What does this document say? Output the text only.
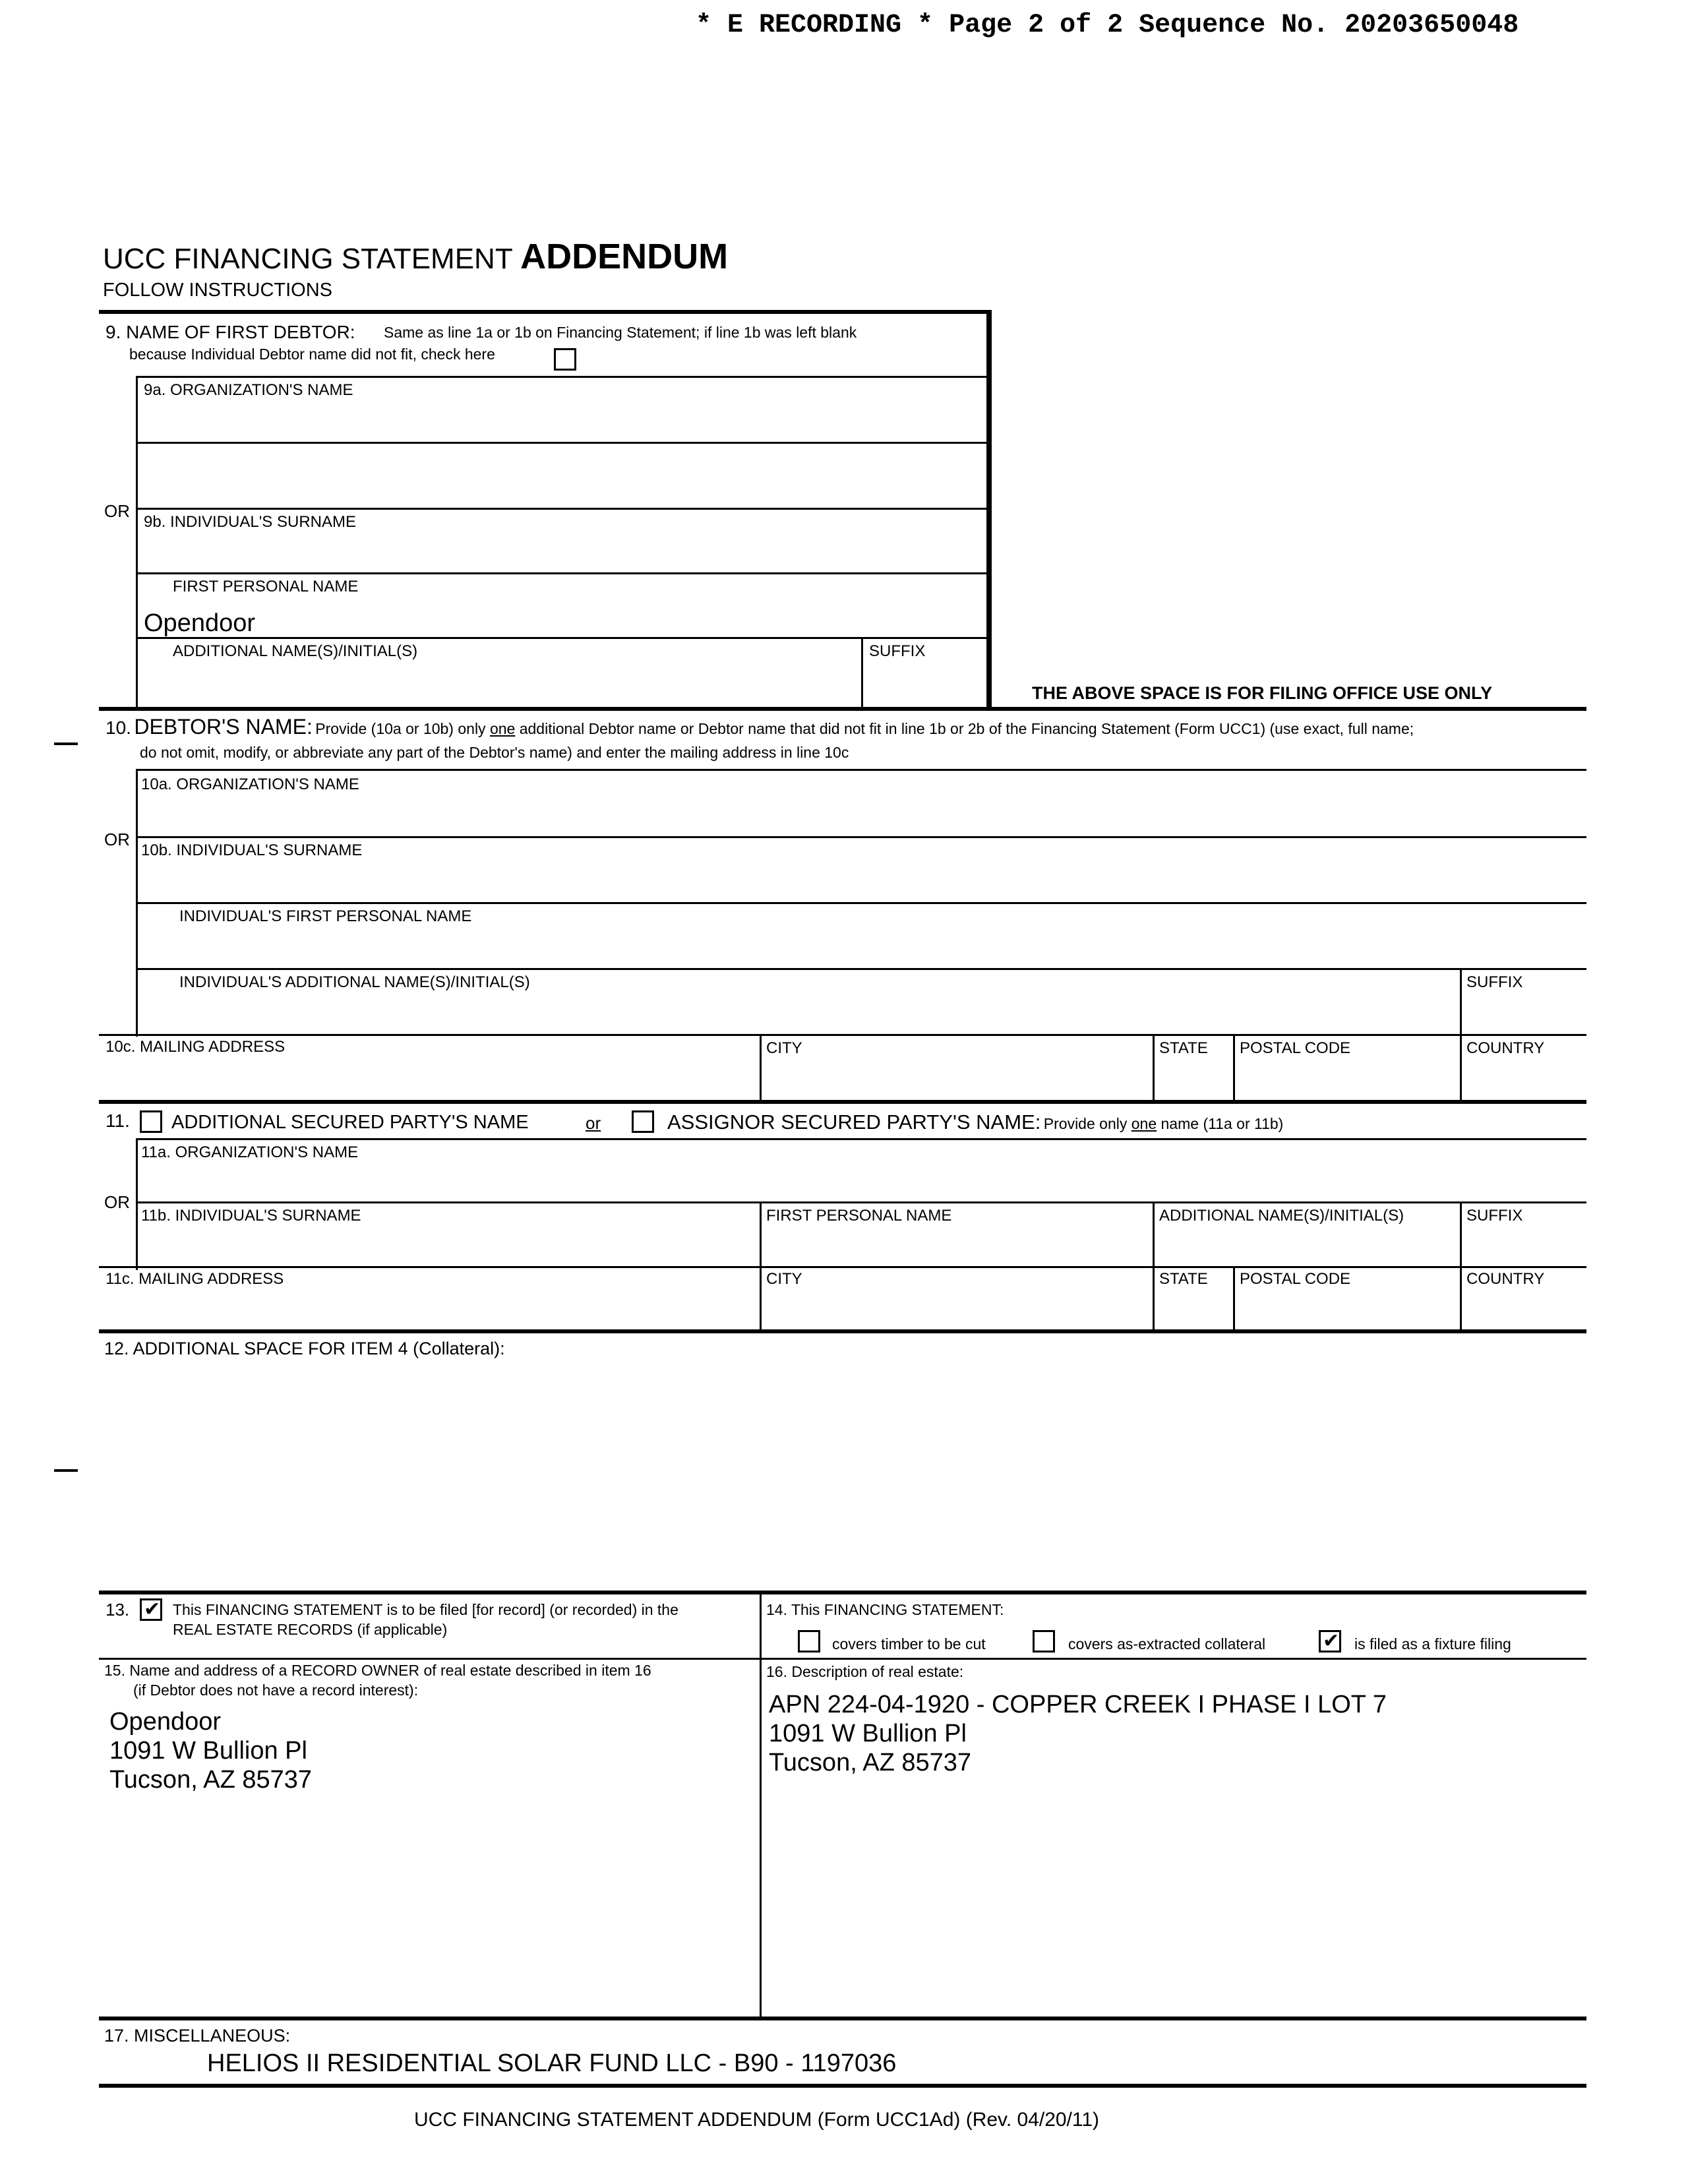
* E RECORDING * Page 2 of 2 Sequence No. 20203650048
UCC FINANCING STATEMENT ADDENDUM
FOLLOW INSTRUCTIONS
9. NAME OF FIRST DEBTOR: Same as line 1a or 1b on Financing Statement; if line 1b was left blank
because Individual Debtor name did not fit, check here
9a. ORGANIZATION'S NAME
OR
9b. INDIVIDUAL'S SURNAME
FIRST PERSONAL NAME
Opendoor
ADDITIONAL NAME(S)/INITIAL(S)	SUFFIX
THE ABOVE SPACE IS FOR FILING OFFICE USE ONLY
10. DEBTOR'S NAME: Provide (10a or 10b) only one additional Debtor name or Debtor name that did not fit in line 1b or 2b of the Financing Statement (Form UCC1) (use exact, full name;
do not omit, modify, or abbreviate any part of the Debtor's name) and enter the mailing address in line 10c
10a. ORGANIZATION'S NAME
OR
10b. INDIVIDUAL'S SURNAME
INDIVIDUAL'S FIRST PERSONAL NAME
INDIVIDUAL'S ADDITIONAL NAME(S)/INITIAL(S)	SUFFIX
10c. MAILING ADDRESS	CITY	STATE POSTAL CODE	COUNTRY
11. ADDITIONAL SECURED PARTY'S NAME	or	ASSIGNOR SECURED PARTY'S NAME: Provide only one name (11a or 11b)
11a. ORGANIZATION'S NAME
OR
11b. INDIVIDUAL'S SURNAME	FIRST PERSONAL NAME	ADDITIONAL NAME(S)/INITIAL(S)	SUFFIX
11c. MAILING ADDRESS	CITY	STATE POSTAL CODE	COUNTRY
12. ADDITIONAL SPACE FOR ITEM 4 (Collateral):
13. ✔	This FINANCING STATEMENT is to be filed [for record] (or recorded) in the
REAL ESTATE RECORDS (if applicable)
14. This FINANCING STATEMENT:
covers timber to be cut	covers as-extracted collateral ✔	is filed as a fixture filing
15. Name and address of a RECORD OWNER of real estate described in item 16
(if Debtor does not have a record interest):
Opendoor
1091 W Bullion Pl
Tucson, AZ 85737
16. Description of real estate:
APN 224-04-1920 - COPPER CREEK I PHASE I LOT 7
1091 W Bullion Pl
Tucson, AZ 85737
17. MISCELLANEOUS:
HELIOS II RESIDENTIAL SOLAR FUND LLC - B90 - 1197036
UCC FINANCING STATEMENT ADDENDUM (Form UCC1Ad) (Rev. 04/20/11)
